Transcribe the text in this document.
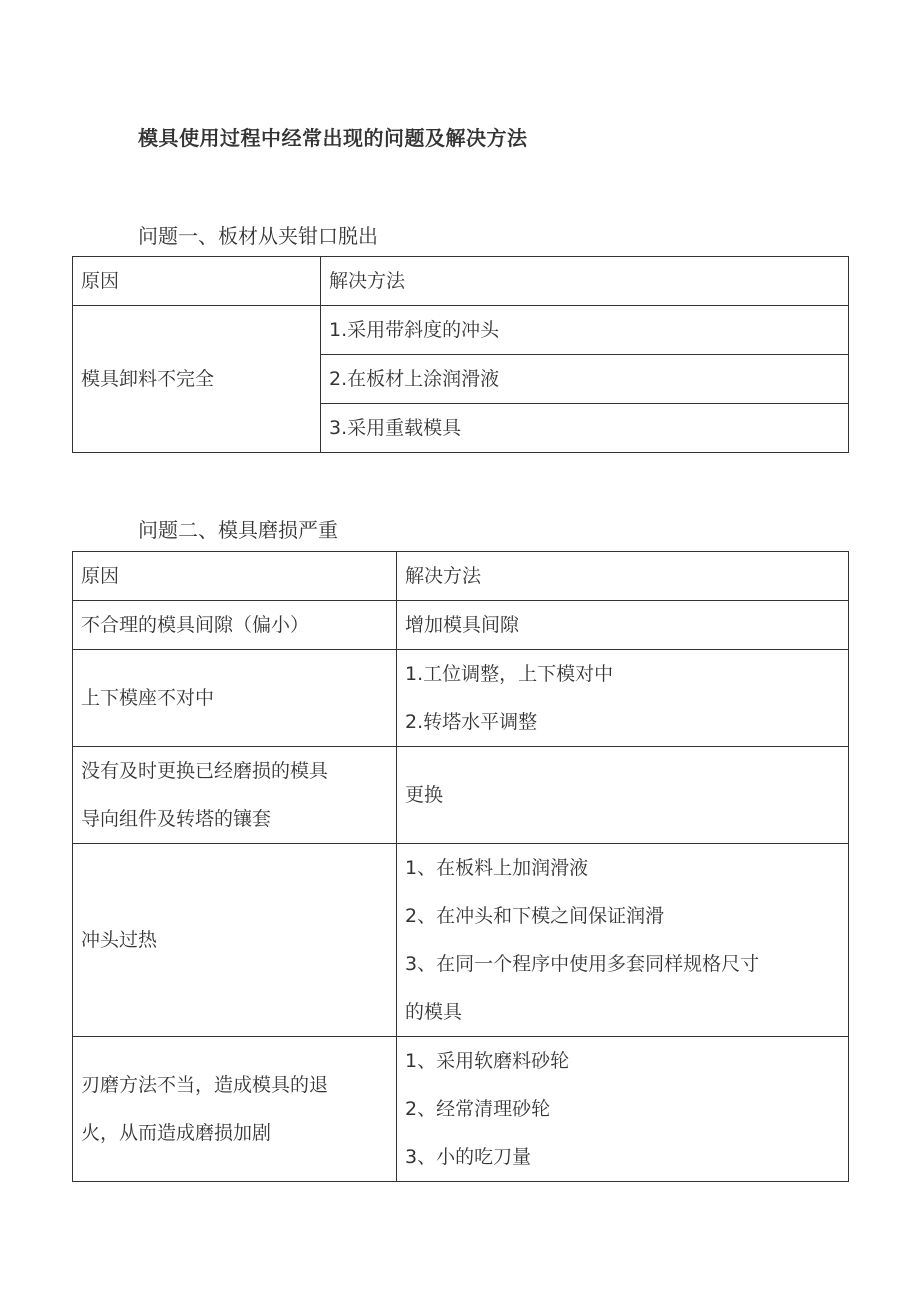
模具使用过程中经常出现的问题及解决方法
问题一、板材从夹钳口脱出
原因	解决方法
模具卸料不完全	1.采用带斜度的冲头
	2.在板材上涂润滑液
	3.采用重载模具
问题二、模具磨损严重
原因	解决方法

不合理的模具间隙（偏小）	增加模具间隙

上下模座不对中	1.工位调整，上下模对中
2.转塔水平调整

没有及时更换已经磨损的模具
导向组件及转塔的镶套	更换

冲头过热	1、在板料上加润滑液
2、在冲头和下模之间保证润滑
3、在同一个程序中使用多套同样规格尺寸
的模具

刃磨方法不当，造成模具的退
火，从而造成磨损加剧	1、采用软磨料砂轮
2、经常清理砂轮
3、小的吃刀量
